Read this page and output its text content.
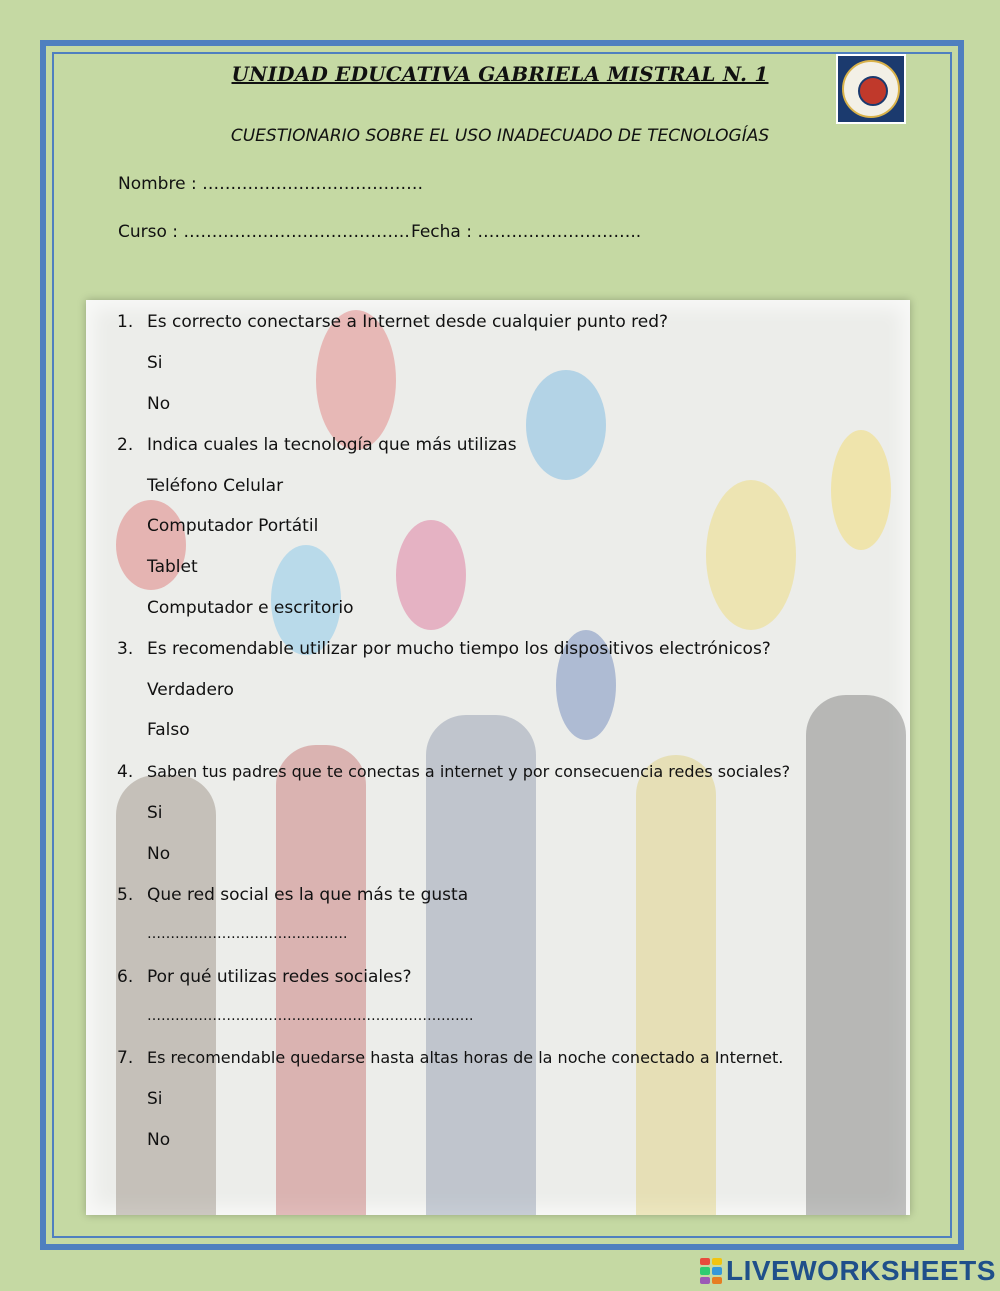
UNIDAD EDUCATIVA GABRIELA MISTRAL N. 1
CUESTIONARIO SOBRE EL USO INADECUADO DE TECNOLOGÍAS
Nombre : …………………………………
Curso : …………………………………. Fecha : ………………………..
1. Es correcto conectarse a Internet desde cualquier punto red?
Si
No
2. Indica cuales la tecnología que más utilizas
Teléfono Celular
Computador Portátil
Tablet
Computador e escritorio
3. Es recomendable utilizar por mucho tiempo los dispositivos electrónicos?
Verdadero
Falso
4. Saben tus padres que te conectas a internet y por consecuencia redes sociales?
Si
No
5. Que red social es la que más te gusta
…………………………………….
6. Por qué utilizas redes sociales?
…………………………………………………………….
7. Es recomendable quedarse hasta altas horas de la noche conectado a Internet.
Si
No
LIVEWORKSHEETS
